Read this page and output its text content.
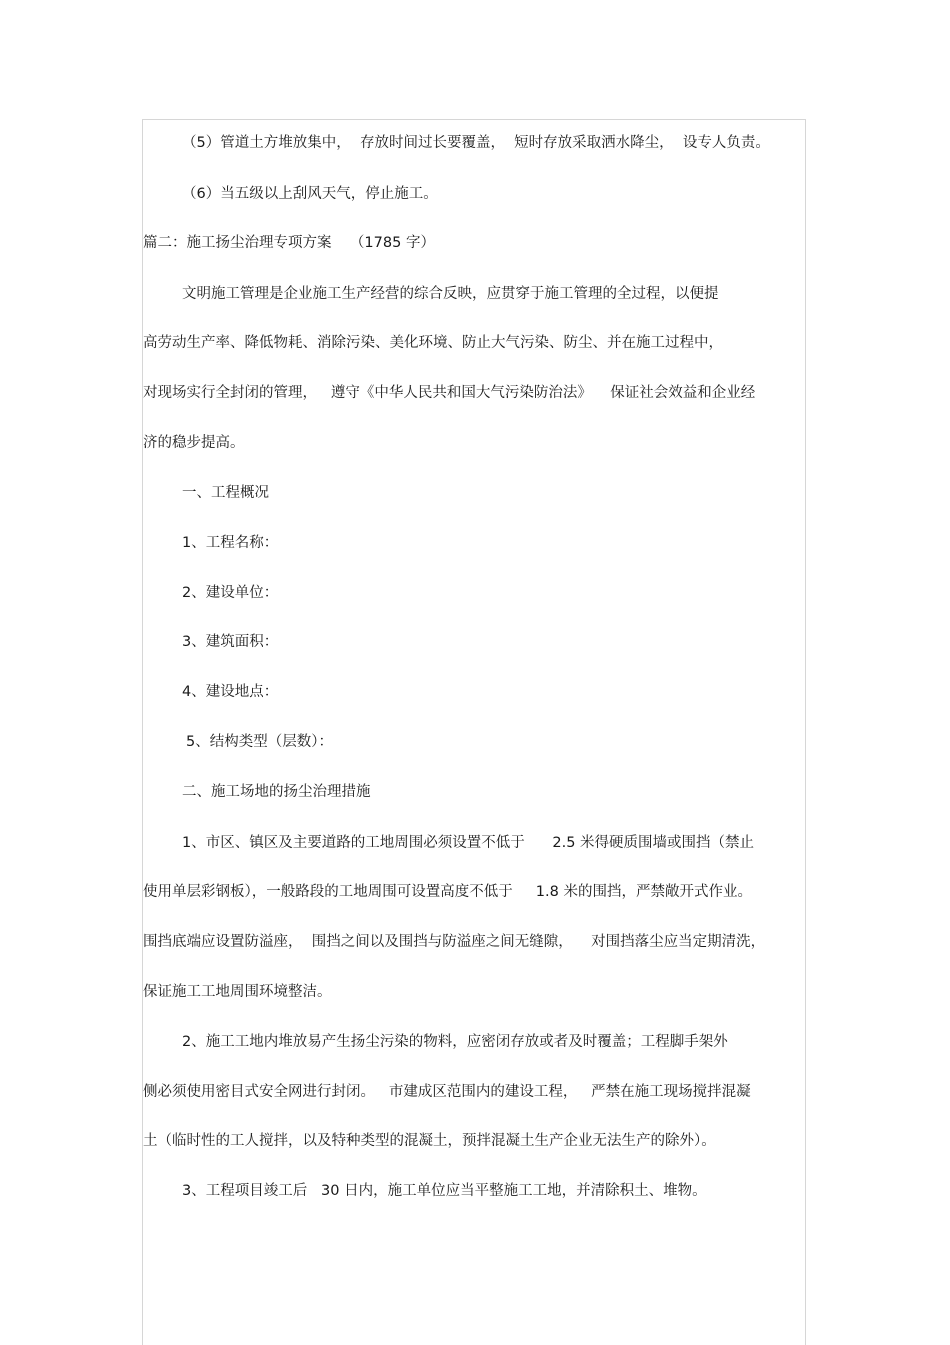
（5）管道土方堆放集中，  存放时间过长要覆盖，  短时存放采取洒水降尘，  设专人负责。
（6）当五级以上刮风天气，停止施工。
篇二：施工扬尘治理专项方案    （1785 字）
文明施工管理是企业施工生产经营的综合反映，应贯穿于施工管理的全过程，以便提
高劳动生产率、降低物耗、消除污染、美化环境、防止大气污染、防尘、并在施工过程中，
对现场实行全封闭的管理，   遵守《中华人民共和国大气污染防治法》    保证社会效益和企业经
济的稳步提高。
一、工程概况
1、工程名称：
2、建设单位：
3、建筑面积：
4、建设地点：
5、结构类型（层数）：
二、施工场地的扬尘治理措施
1、市区、镇区及主要道路的工地周围必须设置不低于      2.5 米得硬质围墙或围挡（禁止
使用单层彩钢板），一般路段的工地周围可设置高度不低于     1.8 米的围挡，严禁敞开式作业。
围挡底端应设置防溢座，  围挡之间以及围挡与防溢座之间无缝隙，    对围挡落尘应当定期清洗，
保证施工工地周围环境整洁。
2、施工工地内堆放易产生扬尘污染的物料，应密闭存放或者及时覆盖；工程脚手架外
侧必须使用密目式安全网进行封闭。   市建成区范围内的建设工程，   严禁在施工现场搅拌混凝
土（临时性的工人搅拌，以及特种类型的混凝土，预拌混凝土生产企业无法生产的除外）。
3、工程项目竣工后   30 日内，施工单位应当平整施工工地，并清除积土、堆物。
